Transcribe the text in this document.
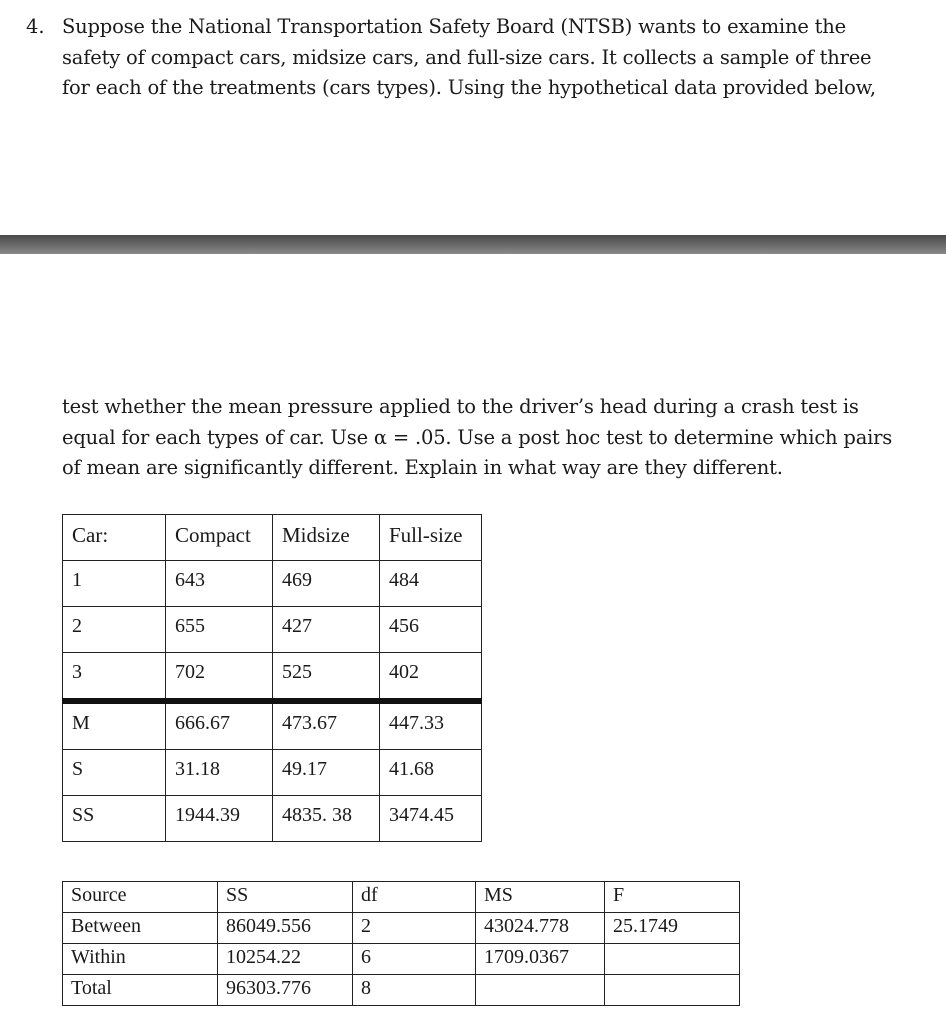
4. Suppose the National Transportation Safety Board (NTSB) wants to examine the
safety of compact cars, midsize cars, and full-size cars. It collects a sample of three
for each of the treatments (cars types). Using the hypothetical data provided below,
test whether the mean pressure applied to the driver’s head during a crash test is
equal for each types of car. Use α = .05. Use a post hoc test to determine which pairs
of mean are significantly different. Explain in what way are they different.
Car:	Compact	Midsize	Full-size
1	643	469	484
2	655	427	456
3	702	525	402
M	666.67	473.67	447.33
S	31.18	49.17	41.68
SS	1944.39	4835. 38	3474.45
Source	SS	df	MS	F
Between	86049.556	2	43024.778	25.1749
Within	10254.22	6	1709.0367	
Total	96303.776	8		
